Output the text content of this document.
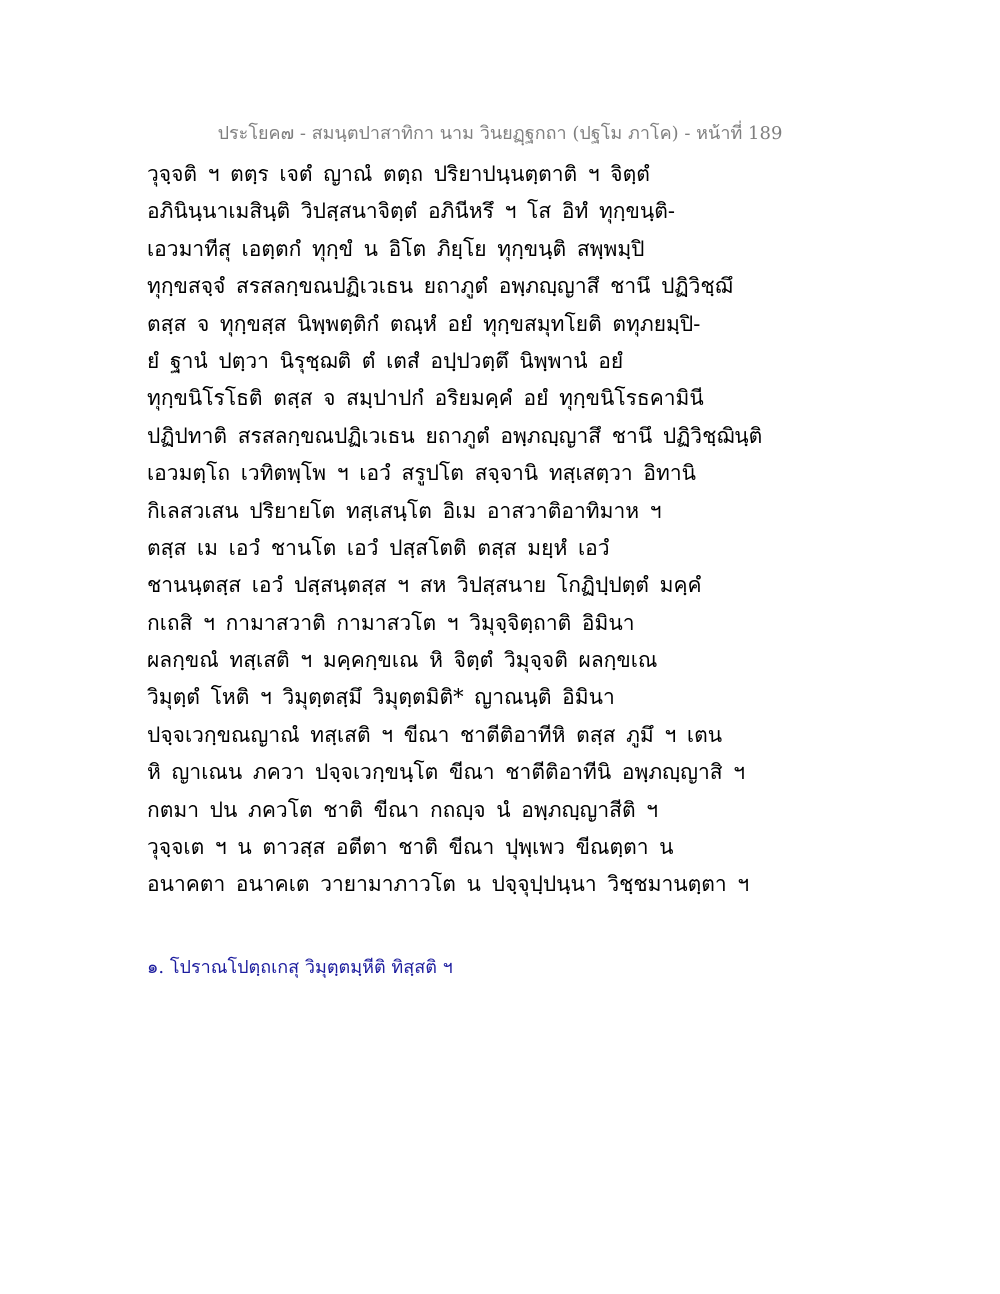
ประโยค๗ - สมนฺตปาสาทิกา นาม วินยฏฺฐกถา (ปฐโม ภาโค) - หน้าที่ 189
วุจฺจติ ฯ ตตฺร เจตํ ญาณํ ตตฺถ ปริยาปนฺนตฺตาติ ฯ จิตฺตํ
อภินินฺนาเมสินฺติ วิปสฺสนาจิตฺตํ อภินีหรึ ฯ โส อิทํ ทุกฺขนฺติ-
เอวมาทีสุ เอตฺตกํ ทุกฺขํ น อิโต ภิยฺโย ทุกฺขนฺติ สพฺพมฺปิ
ทุกฺขสจฺจํ สรสลกฺขณปฏิเวเธน ยถาภูตํ อพฺภญฺญาสึ ชานึ ปฏิวิชฺฌึ
ตสฺส จ ทุกฺขสฺส นิพฺพตฺติกํ ตณฺหํ อยํ ทุกฺขสมุทโยติ ตทุภยมฺปิ-
ยํ ฐานํ ปตฺวา นิรุชฺฌติ ตํ เตสํ อปฺปวตฺตึ นิพฺพานํ อยํ
ทุกฺขนิโรโธติ ตสฺส จ สมฺปาปกํ อริยมคฺคํ อยํ ทุกฺขนิโรธคามินี
ปฏิปทาติ สรสลกฺขณปฏิเวเธน ยถาภูตํ อพฺภญฺญาสึ ชานึ ปฏิวิชฺฌินฺติ
เอวมตฺโถ เวทิตพฺโพ ฯ เอวํ สรูปโต สจฺจานิ ทสฺเสตฺวา อิทานิ
กิเลสวเสน ปริยายโต ทสฺเสนฺโต อิเม อาสวาติอาทิมาห ฯ
ตสฺส เม เอวํ ชานโต เอวํ ปสฺสโตติ ตสฺส มยฺหํ เอวํ
ชานนฺตสฺส เอวํ ปสฺสนฺตสฺส ฯ สห วิปสฺสนาย โกฏิปฺปตฺตํ มคฺคํ
กเถสิ ฯ กามาสวาติ กามาสวโต ฯ วิมุจฺจิตฺถาติ อิมินา
ผลกฺขณํ ทสฺเสติ ฯ มคฺคกฺขเณ หิ จิตฺตํ วิมุจฺจติ ผลกฺขเณ
วิมุตฺตํ โหติ ฯ วิมุตฺตสฺมึ วิมุตฺตมิติ* ญาณนฺติ อิมินา
ปจฺจเวกฺขณญาณํ ทสฺเสติ ฯ ขีณา ชาตีติอาทีหิ ตสฺส ภูมึ ฯ เตน
หิ ญาเณน ภควา ปจฺจเวกฺขนฺโต ขีณา ชาตีติอาทีนิ อพฺภญฺญาสิ ฯ
กตมา ปน ภควโต ชาติ ขีณา กถญฺจ นํ อพฺภญฺญาสีติ ฯ
วุจฺจเต ฯ น ตาวสฺส อตีตา ชาติ ขีณา ปุพฺเพว ขีณตฺตา น
อนาคตา อนาคเต วายามาภาวโต น ปจฺจุปฺปนฺนา วิชฺชมานตฺตา ฯ
๑. โปราณโปตฺถเกสุ วิมุตฺตมฺหีติ ทิสฺสติ ฯ
